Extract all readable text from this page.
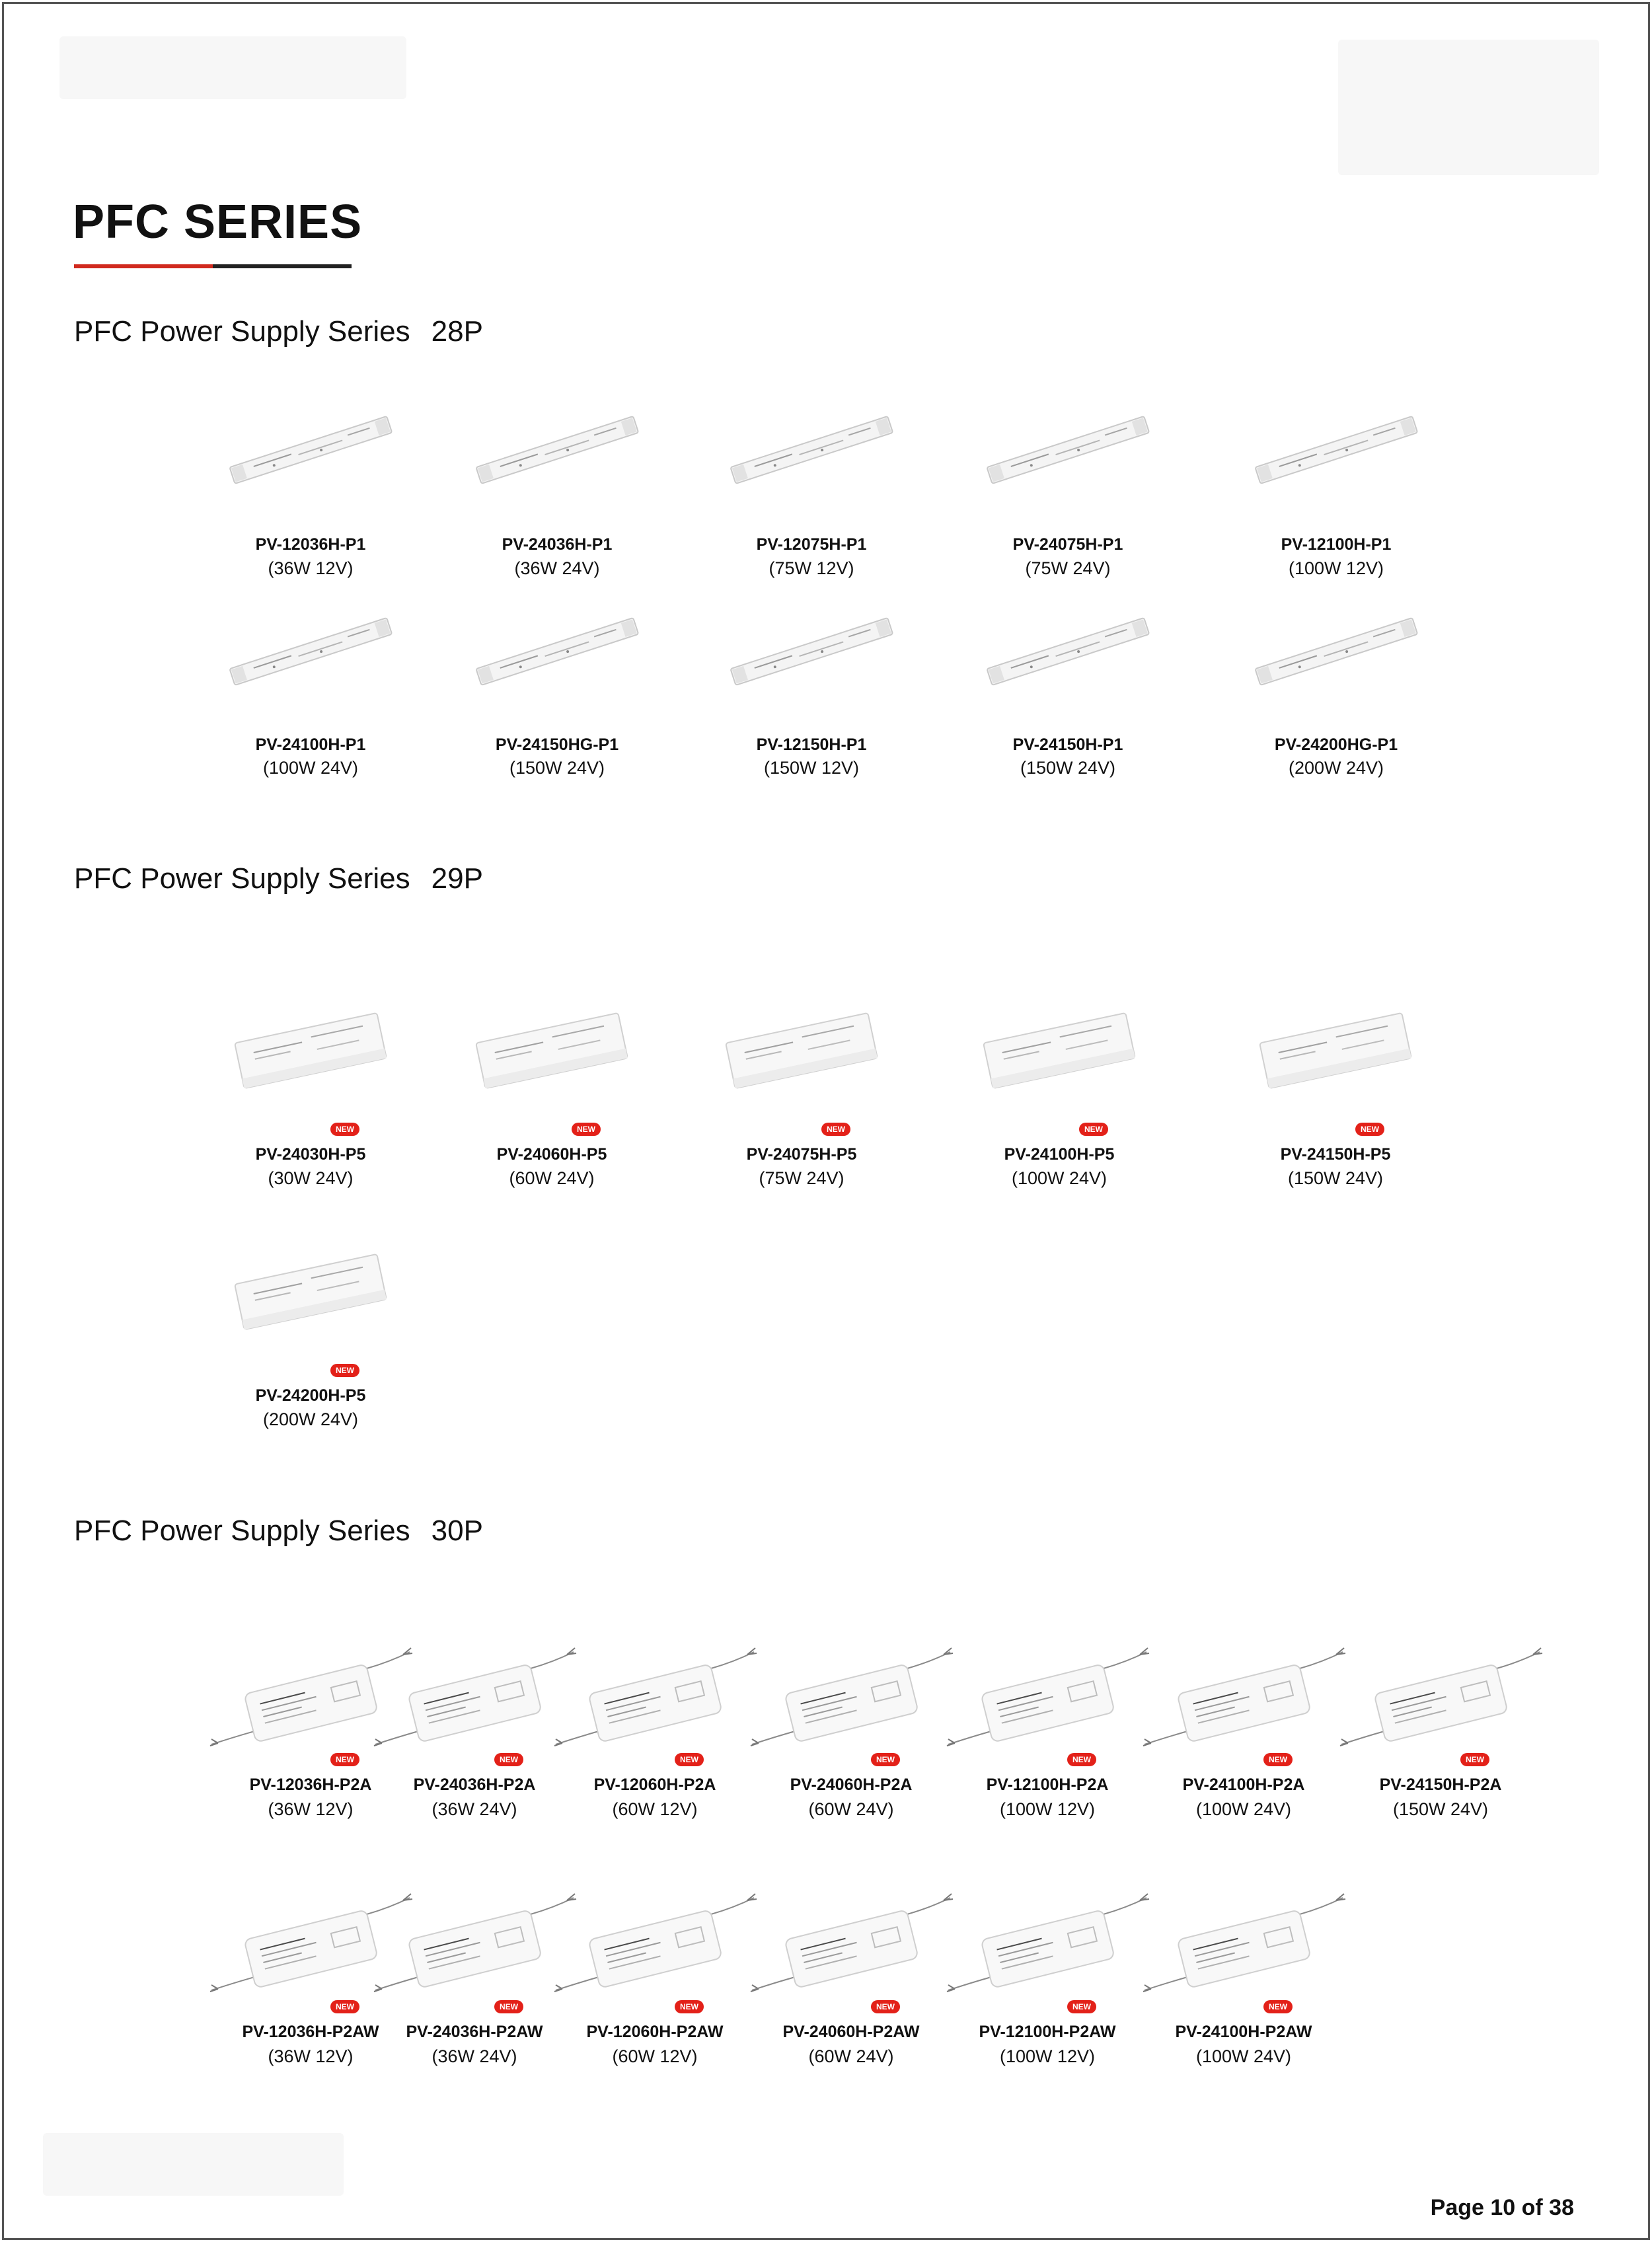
PFC SERIES
PFC Power Supply Series 28P
PFC Power Supply Series 29P
PFC Power Supply Series 30P
PV-12036H-P1
(36W 12V)
PV-24036H-P1
(36W 24V)
PV-12075H-P1
(75W 12V)
PV-24075H-P1
(75W 24V)
PV-12100H-P1
(100W 12V)
PV-24100H-P1
(100W 24V)
PV-24150HG-P1
(150W 24V)
PV-12150H-P1
(150W 12V)
PV-24150H-P1
(150W 24V)
PV-24200HG-P1
(200W 24V)
NEW
PV-24030H-P5
(30W 24V)
NEW
PV-24060H-P5
(60W 24V)
NEW
PV-24075H-P5
(75W 24V)
NEW
PV-24100H-P5
(100W 24V)
NEW
PV-24150H-P5
(150W 24V)
NEW
PV-24200H-P5
(200W 24V)
NEW
PV-12036H-P2A
(36W 12V)
NEW
PV-24036H-P2A
(36W 24V)
NEW
PV-12060H-P2A
(60W 12V)
NEW
PV-24060H-P2A
(60W 24V)
NEW
PV-12100H-P2A
(100W 12V)
NEW
PV-24100H-P2A
(100W 24V)
NEW
PV-24150H-P2A
(150W 24V)
NEW
PV-12036H-P2AW
(36W 12V)
NEW
PV-24036H-P2AW
(36W 24V)
NEW
PV-12060H-P2AW
(60W 12V)
NEW
PV-24060H-P2AW
(60W 24V)
NEW
PV-12100H-P2AW
(100W 12V)
NEW
PV-24100H-P2AW
(100W 24V)
Page 10 of 38
